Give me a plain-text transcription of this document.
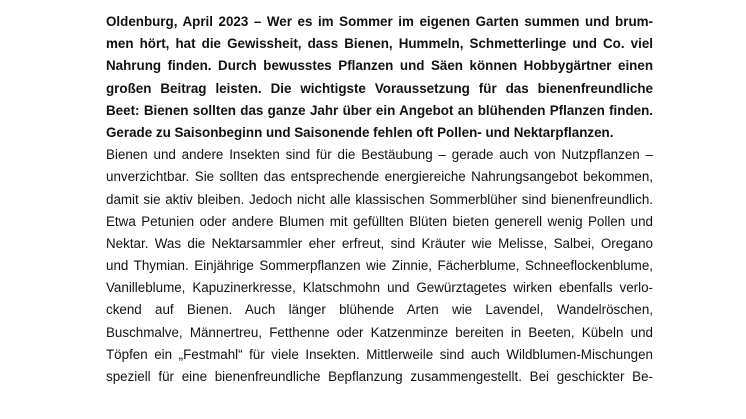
Oldenburg, April 2023 – Wer es im Sommer im eigenen Garten summen und brum-
men hört, hat die Gewissheit, dass Bienen, Hummeln, Schmetterlinge und Co. viel
Nahrung finden. Durch bewusstes Pflanzen und Säen können Hobbygärtner einen
großen Beitrag leisten. Die wichtigste Voraussetzung für das bienenfreundliche
Beet: Bienen sollten das ganze Jahr über ein Angebot an blühenden Pflanzen finden.
Gerade zu Saisonbeginn und Saisonende fehlen oft Pollen- und Nektarpflanzen.
Bienen und andere Insekten sind für die Bestäubung – gerade auch von Nutzpflanzen –
unverzichtbar. Sie sollten das entsprechende energiereiche Nahrungsangebot bekommen,
damit sie aktiv bleiben. Jedoch nicht alle klassischen Sommerblüher sind bienenfreundlich.
Etwa Petunien oder andere Blumen mit gefüllten Blüten bieten generell wenig Pollen und
Nektar. Was die Nektarsammler eher erfreut, sind Kräuter wie Melisse, Salbei, Oregano
und Thymian. Einjährige Sommerpflanzen wie Zinnie, Fächerblume, Schneeflockenblume,
Vanilleblume, Kapuzinerkresse, Klatschmohn und Gewürztagetes wirken ebenfalls verlo-
ckend auf Bienen. Auch länger blühende Arten wie Lavendel, Wandelröschen,
Buschmalve, Männertreu, Fetthenne oder Katzenminze bereiten in Beeten, Kübeln und
Töpfen ein „Festmahl“ für viele Insekten. Mittlerweile sind auch Wildblumen-Mischungen
speziell für eine bienenfreundliche Bepflanzung zusammengestellt. Bei geschickter Be-
